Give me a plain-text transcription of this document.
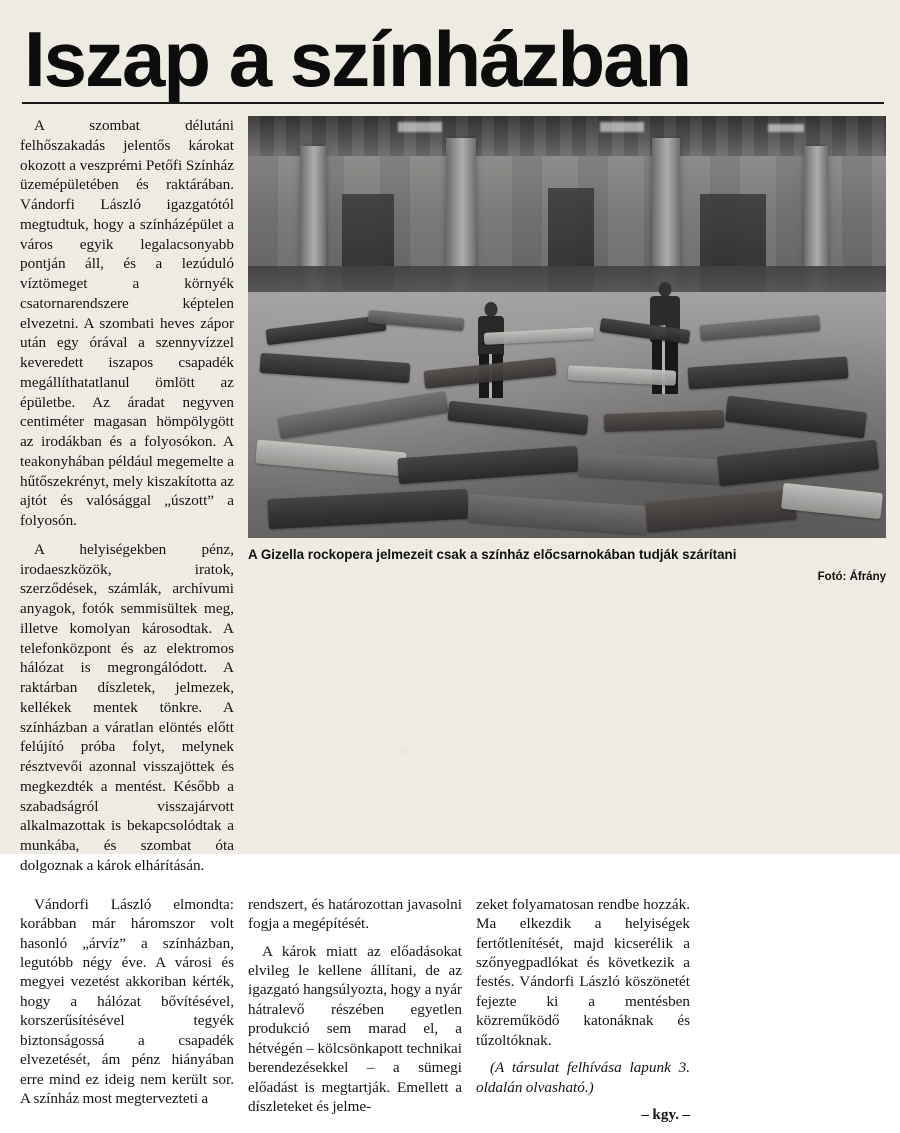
Iszap a színházban

A szombat délutáni felhőszakadás jelentős károkat okozott a veszprémi Petőfi Színház üzemépületében és raktárában. Vándorfi László igazgatótól megtudtuk, hogy a színházépület a város egyik legalacsonyabb pontján áll, és a lezúduló víztömeget a környék csatornarendszere képtelen elvezetni. A szombati heves zápor után egy órával a szennyvízzel keveredett iszapos csapadék megállíthatatlanul ömlött az épületbe. Az áradat negyven centiméter magasan hömpölygött az irodákban és a folyosókon. A teakonyhában például megemelte a hűtőszekrényt, mely kiszakította az ajtót és valósággal „úszott” a folyosón.

A helyiségekben pénz, irodaeszközök, iratok, szerződések, számlák, archívumi anyagok, fotók semmisültek meg, illetve komolyan károsodtak. A telefonközpont és az elektromos hálózat is megrongálódott. A raktárban díszletek, jelmezek, kellékek mentek tönkre. A színházban a váratlan elöntés előtt felújító próba folyt, melynek résztvevői azonnal visszajöttek és megkezdték a mentést. Később a szabadságról visszajárvott alkalmazottak is bekapcsolódtak a munkába, és szombat óta dolgoznak a károk elhárításán.

A Gizella rockopera jelmezeit csak a színház előcsarnokában tudják szárítani
Fotó: Áfrány

Vándorfi László elmondta: korábban már háromszor volt hasonló „árvíz” a színházban, legutóbb négy éve. A városi és megyei vezetést akkoriban kérték, hogy a hálózat bővítésével, korszerűsítésével tegyék biztonságossá a csapadék elvezetését, ám pénz hiányában erre mind ez ideig nem került sor. A színház most megtervezteti a

rendszert, és határozottan javasolni fogja a megépítését.

A károk miatt az előadásokat elvileg le kellene állítani, de az igazgató hangsúlyozta, hogy a nyár hátralevő részében egyetlen produkció sem marad el, a hétvégén – kölcsönkapott technikai berendezésekkel – a sümegi előadást is megtartják. Emellett a díszleteket és jelme-

zeket folyamatosan rendbe hozzák. Ma elkezdik a helyiségek fertőtlenítését, majd kicserélik a szőnyegpadlókat és következik a festés. Vándorfi László köszönetét fejezte ki a mentésben közreműködő katonáknak és tűzoltóknak.

(A társulat felhívása lapunk 3. oldalán olvasható.)

– kgy. –
